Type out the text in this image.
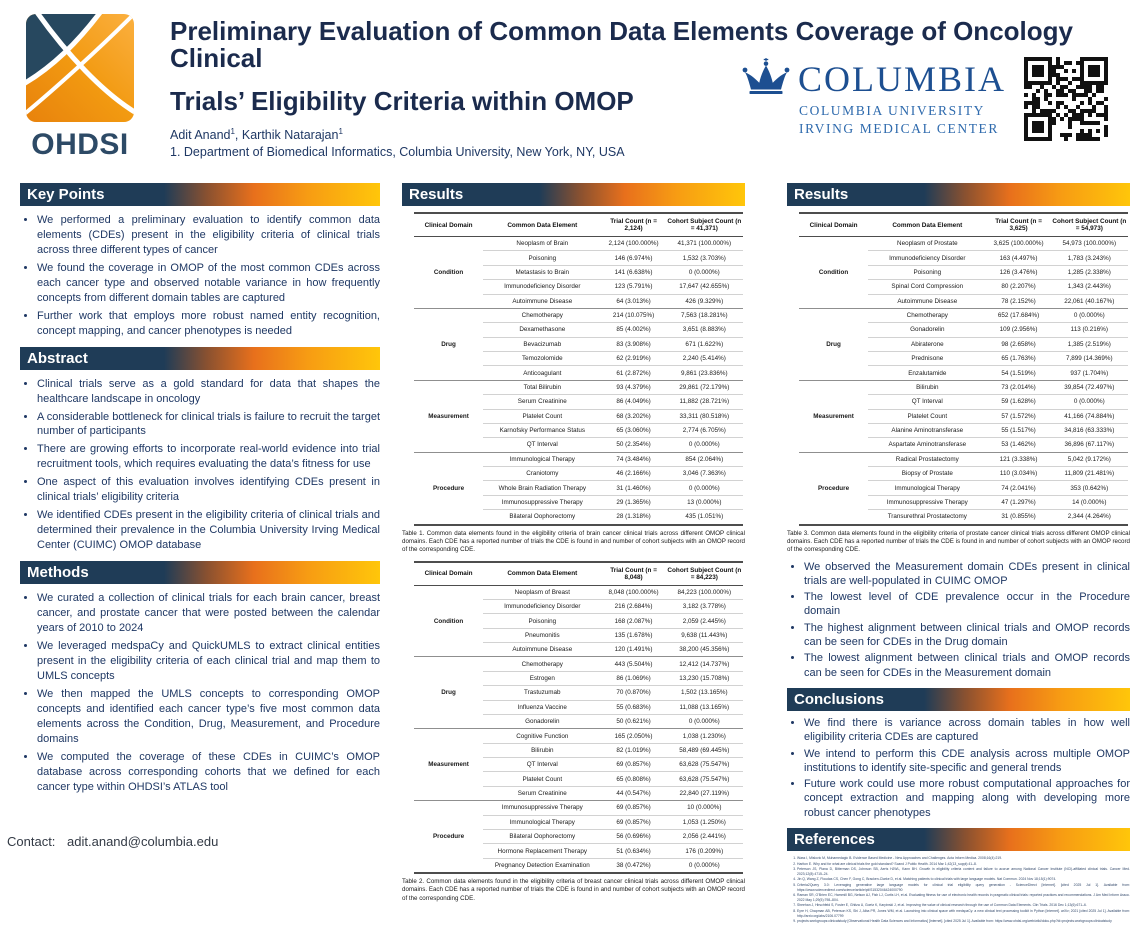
OHDSI
Preliminary Evaluation of Common Data Elements Coverage of Oncology Clinical
Trials’ Eligibility Criteria within OMOP
Adit Anand$^1$, Karthik Natarajan$^1$
1. Department of Biomedical Informatics, Columbia University, New York, NY, USA
COLUMBIA
COLUMBIA UNIVERSITY
IRVING MEDICAL CENTER
Key Points
• We performed a preliminary evaluation to identify common data elements (CDEs) present in the eligibility criteria of clinical trials across three different types of cancer
• We found the coverage in OMOP of the most common CDEs across each cancer type and observed notable variance in how frequently concepts from different domain tables are captured
• Further work that employs more robust named entity recognition, concept mapping, and cancer phenotypes is needed
Abstract
• Clinical trials serve as a gold standard for data that shapes the healthcare landscape in oncology
• A considerable bottleneck for clinical trials is failure to recruit the target number of participants
• There are growing efforts to incorporate real-world evidence into trial recruitment tools, which requires evaluating the data’s fitness for use
• One aspect of this evaluation involves identifying CDEs present in clinical trials’ eligibility criteria
• We identified CDEs present in the eligibility criteria of clinical trials and determined their prevalence in the Columbia University Irving Medical Center (CUIMC) OMOP database
Methods
• We curated a collection of clinical trials for each brain cancer, breast cancer, and prostate cancer that were posted between the calendar years of 2010 to 2024
• We leveraged medspaCy and QuickUMLS to extract clinical entities present in the eligibility criteria of each clinical trial and map them to UMLS concepts
• We then mapped the UMLS concepts to corresponding OMOP concepts and identified each cancer type’s five most common data elements across the Condition, Drug, Measurement, and Procedure domains
• We computed the coverage of these CDEs in CUIMC’s OMOP database across corresponding cohorts that we defined for each cancer type within OHDSI’s ATLAS tool
Results
Clinical Domain	Common Data Element	Trial Count (n = 2,124)	Cohort Subject Count (n = 41,371)
Condition	Neoplasm of Brain	2,124 (100.000%)	41,371 (100.000%)
	Poisoning	146 (6.974%)	1,532 (3.703%)
	Metastasis to Brain	141 (6.638%)	0 (0.000%)
	Immunodeficiency Disorder	123 (5.791%)	17,647 (42.655%)
	Autoimmune Disease	64 (3.013%)	426 (9.329%)
Drug	Chemotherapy	214 (10.075%)	7,563 (18.281%)
	Dexamethasone	85 (4.002%)	3,651 (8.883%)
	Bevacizumab	83 (3.908%)	671 (1.622%)
	Temozolomide	62 (2.919%)	2,240 (5.414%)
	Anticoagulant	61 (2.872%)	9,861 (23.836%)
Measurement	Total Bilirubin	93 (4.379%)	29,861 (72.179%)
	Serum Creatinine	86 (4.049%)	11,882 (28.721%)
	Platelet Count	68 (3.202%)	33,311 (80.518%)
	Karnofsky Performance Status	65 (3.060%)	2,774 (6.705%)
	QT Interval	50 (2.354%)	0 (0.000%)
Procedure	Immunological Therapy	74 (3.484%)	854 (2.064%)
	Craniotomy	46 (2.166%)	3,046 (7.363%)
	Whole Brain Radiation Therapy	31 (1.460%)	0 (0.000%)
	Immunosuppressive Therapy	29 (1.365%)	13 (0.000%)
	Bilateral Oophorectomy	28 (1.318%)	435 (1.051%)
Table 1. Common data elements found in the eligibility criteria of brain cancer clinical trials across different OMOP clinical domains. Each CDE has a reported number of trials the CDE is found in and number of cohort subjects with an OMOP record of the corresponding CDE.
Clinical Domain	Common Data Element	Trial Count (n = 8,048)	Cohort Subject Count (n = 84,223)
Condition	Neoplasm of Breast	8,048 (100.000%)	84,223 (100.000%)
	Immunodeficiency Disorder	216 (2.684%)	3,182 (3.778%)
	Poisoning	168 (2.087%)	2,059 (2.445%)
	Pneumonitis	135 (1.678%)	9,638 (11.443%)
	Autoimmune Disease	120 (1.491%)	38,200 (45.356%)
Drug	Chemotherapy	443 (5.504%)	12,412 (14.737%)
	Estrogen	86 (1.069%)	13,230 (15.708%)
	Trastuzumab	70 (0.870%)	1,502 (13.165%)
	Influenza Vaccine	55 (0.683%)	11,088 (13.165%)
	Gonadorelin	50 (0.621%)	0 (0.000%)
Measurement	Cognitive Function	165 (2.050%)	1,038 (1.230%)
	Bilirubin	82 (1.019%)	58,489 (69.445%)
	QT Interval	69 (0.857%)	63,628 (75.547%)
	Platelet Count	65 (0.808%)	63,628 (75.547%)
	Serum Creatinine	44 (0.547%)	22,840 (27.119%)
Procedure	Immunosuppressive Therapy	69 (0.857%)	10 (0.000%)
	Immunological Therapy	69 (0.857%)	1,053 (1.250%)
	Bilateral Oophorectomy	56 (0.696%)	2,056 (2.441%)
	Hormone Replacement Therapy	51 (0.634%)	176 (0.209%)
	Pregnancy Detection Examination	38 (0.472%)	0 (0.000%)
Table 2. Common data elements found in the eligibility criteria of breast cancer clinical trials across different OMOP clinical domains. Each CDE has a reported number of trials the CDE is found in and number of cohort subjects with an OMOP record of the corresponding CDE.
Results
Clinical Domain	Common Data Element	Trial Count (n = 3,625)	Cohort Subject Count (n = 54,973)
Condition	Neoplasm of Prostate	3,625 (100.000%)	54,973 (100.000%)
	Immunodeficiency Disorder	163 (4.497%)	1,783 (3.243%)
	Poisoning	126 (3.476%)	1,285 (2.338%)
	Spinal Cord Compression	80 (2.207%)	1,343 (2.443%)
	Autoimmune Disease	78 (2.152%)	22,061 (40.167%)
Drug	Chemotherapy	652 (17.684%)	0 (0.000%)
	Gonadorelin	109 (2.956%)	113 (0.216%)
	Abiraterone	98 (2.658%)	1,385 (2.519%)
	Prednisone	65 (1.763%)	7,899 (14.369%)
	Enzalutamide	54 (1.519%)	937 (1.704%)
Measurement	Bilirubin	73 (2.014%)	39,854 (72.497%)
	QT Interval	59 (1.628%)	0 (0.000%)
	Platelet Count	57 (1.572%)	41,166 (74.884%)
	Alanine Aminotransferase	55 (1.517%)	34,816 (63.333%)
	Aspartate Aminotransferase	53 (1.462%)	36,896 (67.117%)
Procedure	Radical Prostatectomy	121 (3.338%)	5,042 (9.172%)
	Biopsy of Prostate	110 (3.034%)	11,809 (21.481%)
	Immunological Therapy	74 (2.041%)	353 (0.642%)
	Immunosuppressive Therapy	47 (1.297%)	14 (0.000%)
	Transurethral Prostatectomy	31 (0.855%)	2,344 (4.264%)
Table 3. Common data elements found in the eligibility criteria of prostate cancer clinical trials across different OMOP clinical domains. Each CDE has a reported number of trials the CDE is found in and number of cohort subjects with an OMOP record of the corresponding CDE.
• We observed the Measurement domain CDEs present in clinical trials are well-populated in CUIMC OMOP
• The lowest level of CDE prevalence occur in the Procedure domain
• The highest alignment between clinical trials and OMOP records can be seen for CDEs in the Drug domain
• The lowest alignment between clinical trials and OMOP records can be seen for CDEs in the Measurement domain
Conclusions
• We find there is variance across domain tables in how well eligibility criteria CDEs are captured
• We intend to perform this CDE analysis across multiple OMOP institutions to identify site-specific and general trends
• Future work could use more robust computational approaches for concept extraction and mapping along with developing more robust cancer phenotypes
References
1. Wass I, Mislovic M, Muhamedagic B. Evidence Based Medicine - New Approaches and Challenges. Acta Inform Medica. 2008;16(4):219.
2. Hariton E. Why and for what are clinical trials the gold standard? Scand J Public Health. 2014 Mar 1;42(13_suppl):41–8.
3. Peterson JS, Plana D, Bitterman DS, Johnson SB, Aerts HJWL, Kann BH. Growth in eligibility criteria content and failure to accrue among National Cancer Institute (NCI)-affiliated clinical trials. Cancer Med. 2023;12(8):4715–24.
4. Jin Q, Wang Z, Floudas CS, Chen F, Gong C, Bracken-Clarke D, et al. Matching patients to clinical trials with large language models. Nat Commun. 2024 Nov 18;15(1):9074.
5. Criteria2Query 3.0: Leveraging generative large language models for clinical trial eligibility query generation - ScienceDirect [Internet]. [cited 2025 Jul 1]. Available from: https://www.sciencedirect.com/science/article/pii/S1532046424000790
6. Raman SR, O’Brien EC, Hammill BG, Nelson AJ, Fish LJ, Curtis LH, et al. Evaluating fitness for use of electronic health records in pragmatic clinical trials: reported practices and recommendations. J Am Med Inform Assoc. 2022 May 1;29(5):798–804.
7. Sheehan J, Hirschfeld S, Foster E, Ghitza U, Goetz K, Karpinski J, et al. Improving the value of clinical research through the use of Common Data Elements. Clin Trials. 2016 Dec 1;13(6):671–6.
8. Eyre H, Chapman AB, Peterson KS, Shi J, Alba PR, Jones WM, et al. Launching into clinical space with medspaCy: a new clinical text processing toolkit in Python [Internet]. arXiv; 2021 [cited 2025 Jul 1]. Available from: http://arxiv.org/abs/2106.07799
9. projects:workgroups:clinicalstudy [Observational Health Data Sciences and Informatics] [Internet]. [cited 2025 Jul 1]. Available from: https://www.ohdsi.org/web/wiki/doku.php?id=projects:workgroups:clinicalstudy
Contact: adit.anand@columbia.edu
